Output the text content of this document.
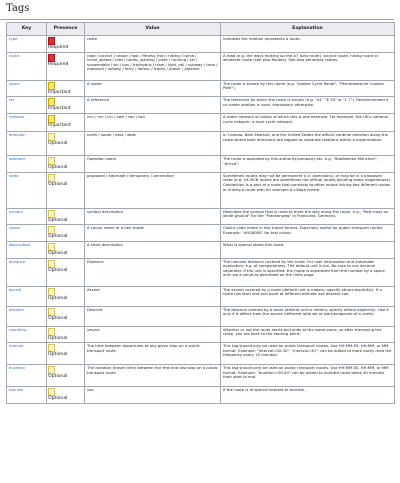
Tags
Key	Presence	Value	Explanation
type	Required	route	Indicates the relation represents a route.
route	Required	road / bicycle / canoe / foot / fitness_trail / hiking / horse / inline_skates / mtb / nordic_walking / piste / running / ski / snowmobile / ski / bus / trolleybus / tram / light_rail / subway / train / monorail / railway / ferry / detour / tracks / power / pipeline	A road (e.g. the ways making up the A7 auto route), bicycle route, hiking route or whatever route (see also Routes). See also aerialway routes.
name	Important	A name	The route is known by this name (e.g. "Jubilee Cycle Route", "Pembrokeshire Coastal Path").
ref	Important	A reference	The reference by which the route is known (e.g. "A1" "E 55" or "L 7"). Recommended if no name relation is used, mandatory otherwise.
network	Important	ncn / rcn / lcn / nwn / iwn / lwn	A wider network of routes of which this is one example. For example, the UK's national cycle network; a local cycle network.
direction	Optional	north / south / east / west	In Canada, New Zealand, and the United States the official cardinal direction along the route where both directions are tagged as separate relations within a superrelation.
operator	Optional	Operator name	The route is operated by this authority/company etc. e.g. "Stadtwerke München", "Arriva".
state	Optional	proposed / alternate / temporary / connection	Sometimes routes may not be permanent (i.e. diversions), or may be in a proposed state (e.g. UK NCN routes are sometimes not official routes pending some negotiations). Connection is a part of a route that connects to other routes linking two different routes or linking a route with for example a village centre.
symbol	Optional	symbol description	Describes the symbol that is used to mark the way along the route, e.g., "Red cross on white ground" for the "Frankenweg" in Franconia, Germany.
colour	Optional	A colour name or a hex triplet	Colour code noted in hex triplet format. Especially useful for public transport routes. Example: "#008080" for teal colour.
description	Optional	A short description	What is special about this route.
distance	Optional	Distance	The nominal distance covered by the route. For user information and automatic evaluation; e.g. of completeness. The default unit is km. Be sure to use decimal separator. If the unit is specified: the mode is separated from the number by a space and use a value as described on the Units page.
ascent	Optional	Ascent	The ascent covered by a route (default unit is meters; specify others explicitly). If a route has start and end point at different altitude use descent too.
descent	Optional	Descent	The descent covered by a route (default unit is meters; specify others explicitly). Use it only if it differs from the ascent (different altitude of start/endpoints of a route).
roundtrip	Optional	yes/no	Whether or not the route starts and ends at the same place, so after traversing the route, you are back to the starting point.
interval	Optional	The time between departures at any given stop on a public transport route	This tag should only be used on public transport routes. Use HH:MM:SS, HH:MM, or MM format. Example: "interval=00:30"; "interval=30"; can be added to more easily read the frequency every 15 minutes.
duration	Optional	The duration (travel time) between the first and last stop on a public transport route	This tag should only be used on public transport routes. Use HH:MM:SS, HH:MM, or MM format. Example: "duration=00:40" can be added to indicate route takes 40 minutes from start to end.
tourism	Optional	yes	If the route is of special interest to tourists.
